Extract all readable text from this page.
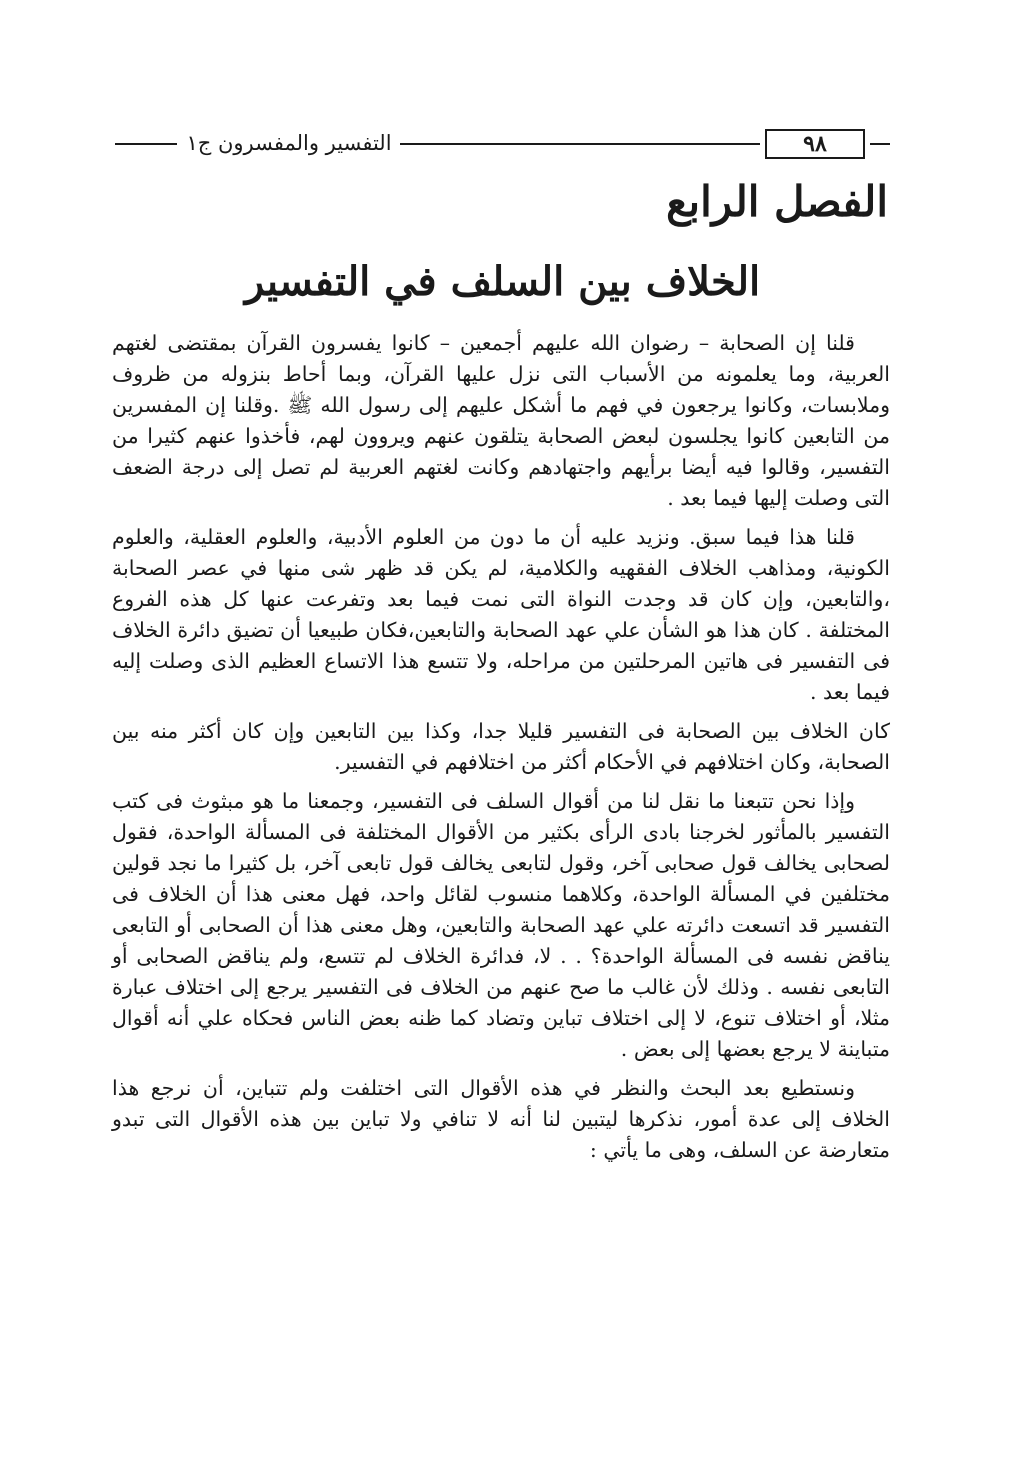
التفسير والمفسرون ج١	٩٨
الفصل الرابع
الخلاف بين السلف في التفسير

قلنا إن الصحابة – رضوان الله عليهم أجمعين – كانوا يفسرون القرآن بمقتضى لغتهم العربية، وما يعلمونه من الأسباب التى نزل عليها القرآن، وبما أحاط بنزوله من ظروف وملابسات، وكانوا يرجعون في فهم ما أشكل عليهم إلى رسول الله ﷺ .وقلنا إن المفسرين من التابعين كانوا يجلسون لبعض الصحابة يتلقون عنهم ويروون لهم، فأخذوا عنهم كثيرا من التفسير، وقالوا فيه أيضا برأيهم واجتهادهم وكانت لغتهم العربية لم تصل إلى درجة الضعف التى وصلت إليها فيما بعد .

قلنا هذا فيما سبق. ونزيد عليه أن ما دون من العلوم الأدبية، والعلوم العقلية، والعلوم الكونية، ومذاهب الخلاف الفقهيه والكلامية، لم يكن قد ظهر شى منها في عصر الصحابة ،والتابعين، وإن كان قد وجدت النواة التى نمت فيما بعد وتفرعت عنها كل هذه الفروع المختلفة . كان هذا هو الشأن علي عهد الصحابة والتابعين،فكان طبيعيا أن تضيق دائرة الخلاف فى التفسير فى هاتين المرحلتين من مراحله، ولا تتسع هذا الاتساع العظيم الذى وصلت إليه فيما بعد .

كان الخلاف بين الصحابة فى التفسير قليلا جدا، وكذا بين التابعين وإن كان أكثر منه بين الصحابة، وكان اختلافهم في الأحكام أكثر من اختلافهم في التفسير.

وإذا نحن تتبعنا ما نقل لنا من أقوال السلف فى التفسير، وجمعنا ما هو مبثوث فى كتب التفسير بالمأثور لخرجنا بادى الرأى بكثير من الأقوال المختلفة فى المسألة الواحدة، فقول لصحابى يخالف قول صحابى آخر، وقول لتابعى يخالف قول تابعى آخر، بل كثيرا ما نجد قولين مختلفين في المسألة الواحدة، وكلاهما منسوب لقائل واحد، فهل معنى هذا أن الخلاف فى التفسير قد اتسعت دائرته علي عهد الصحابة والتابعين، وهل معنى هذا أن الصحابى أو التابعى يناقض نفسه فى المسألة الواحدة؟ . . لا، فدائرة الخلاف لم تتسع، ولم يناقض الصحابى أو التابعى نفسه . وذلك لأن غالب ما صح عنهم من الخلاف فى التفسير يرجع إلى اختلاف عبارة مثلا، أو اختلاف تنوع، لا إلى اختلاف تباين وتضاد كما ظنه بعض الناس فحكاه علي أنه أقوال متباينة لا يرجع بعضها إلى بعض .

ونستطيع بعد البحث والنظر في هذه الأقوال التى اختلفت ولم تتباين، أن نرجع هذا الخلاف إلى عدة أمور، نذكرها ليتبين لنا أنه لا تنافي ولا تباين بين هذه الأقوال التى تبدو متعارضة عن السلف، وهى ما يأتي :
